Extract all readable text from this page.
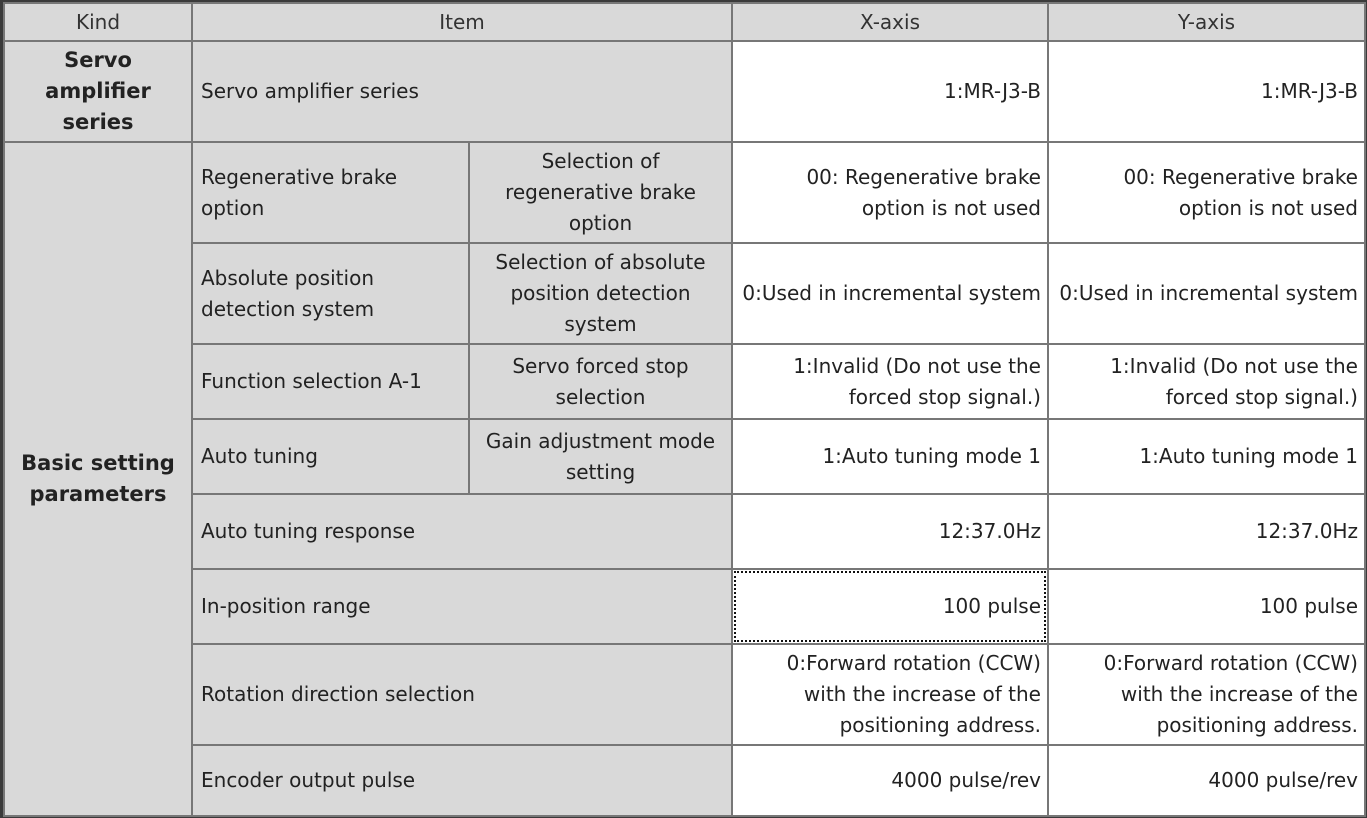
Kind	Item		X-axis	Y-axis
Servo amplifier series	Servo amplifier series		1:MR-J3-B	1:MR-J3-B
Basic setting parameters	Regenerative brake option	Selection of regenerative brake option	00: Regenerative brake option is not used	00: Regenerative brake option is not used
	Absolute position detection system	Selection of absolute position detection system	0:Used in incremental system	0:Used in incremental system
	Function selection A-1	Servo forced stop selection	1:Invalid (Do not use the forced stop signal.)	1:Invalid (Do not use the forced stop signal.)
	Auto tuning	Gain adjustment mode setting	1:Auto tuning mode 1	1:Auto tuning mode 1
	Auto tuning response		12:37.0Hz	12:37.0Hz
	In-position range		100 pulse	100 pulse
	Rotation direction selection		0:Forward rotation (CCW) with the increase of the positioning address.	0:Forward rotation (CCW) with the increase of the positioning address.
	Encoder output pulse		4000 pulse/rev	4000 pulse/rev
